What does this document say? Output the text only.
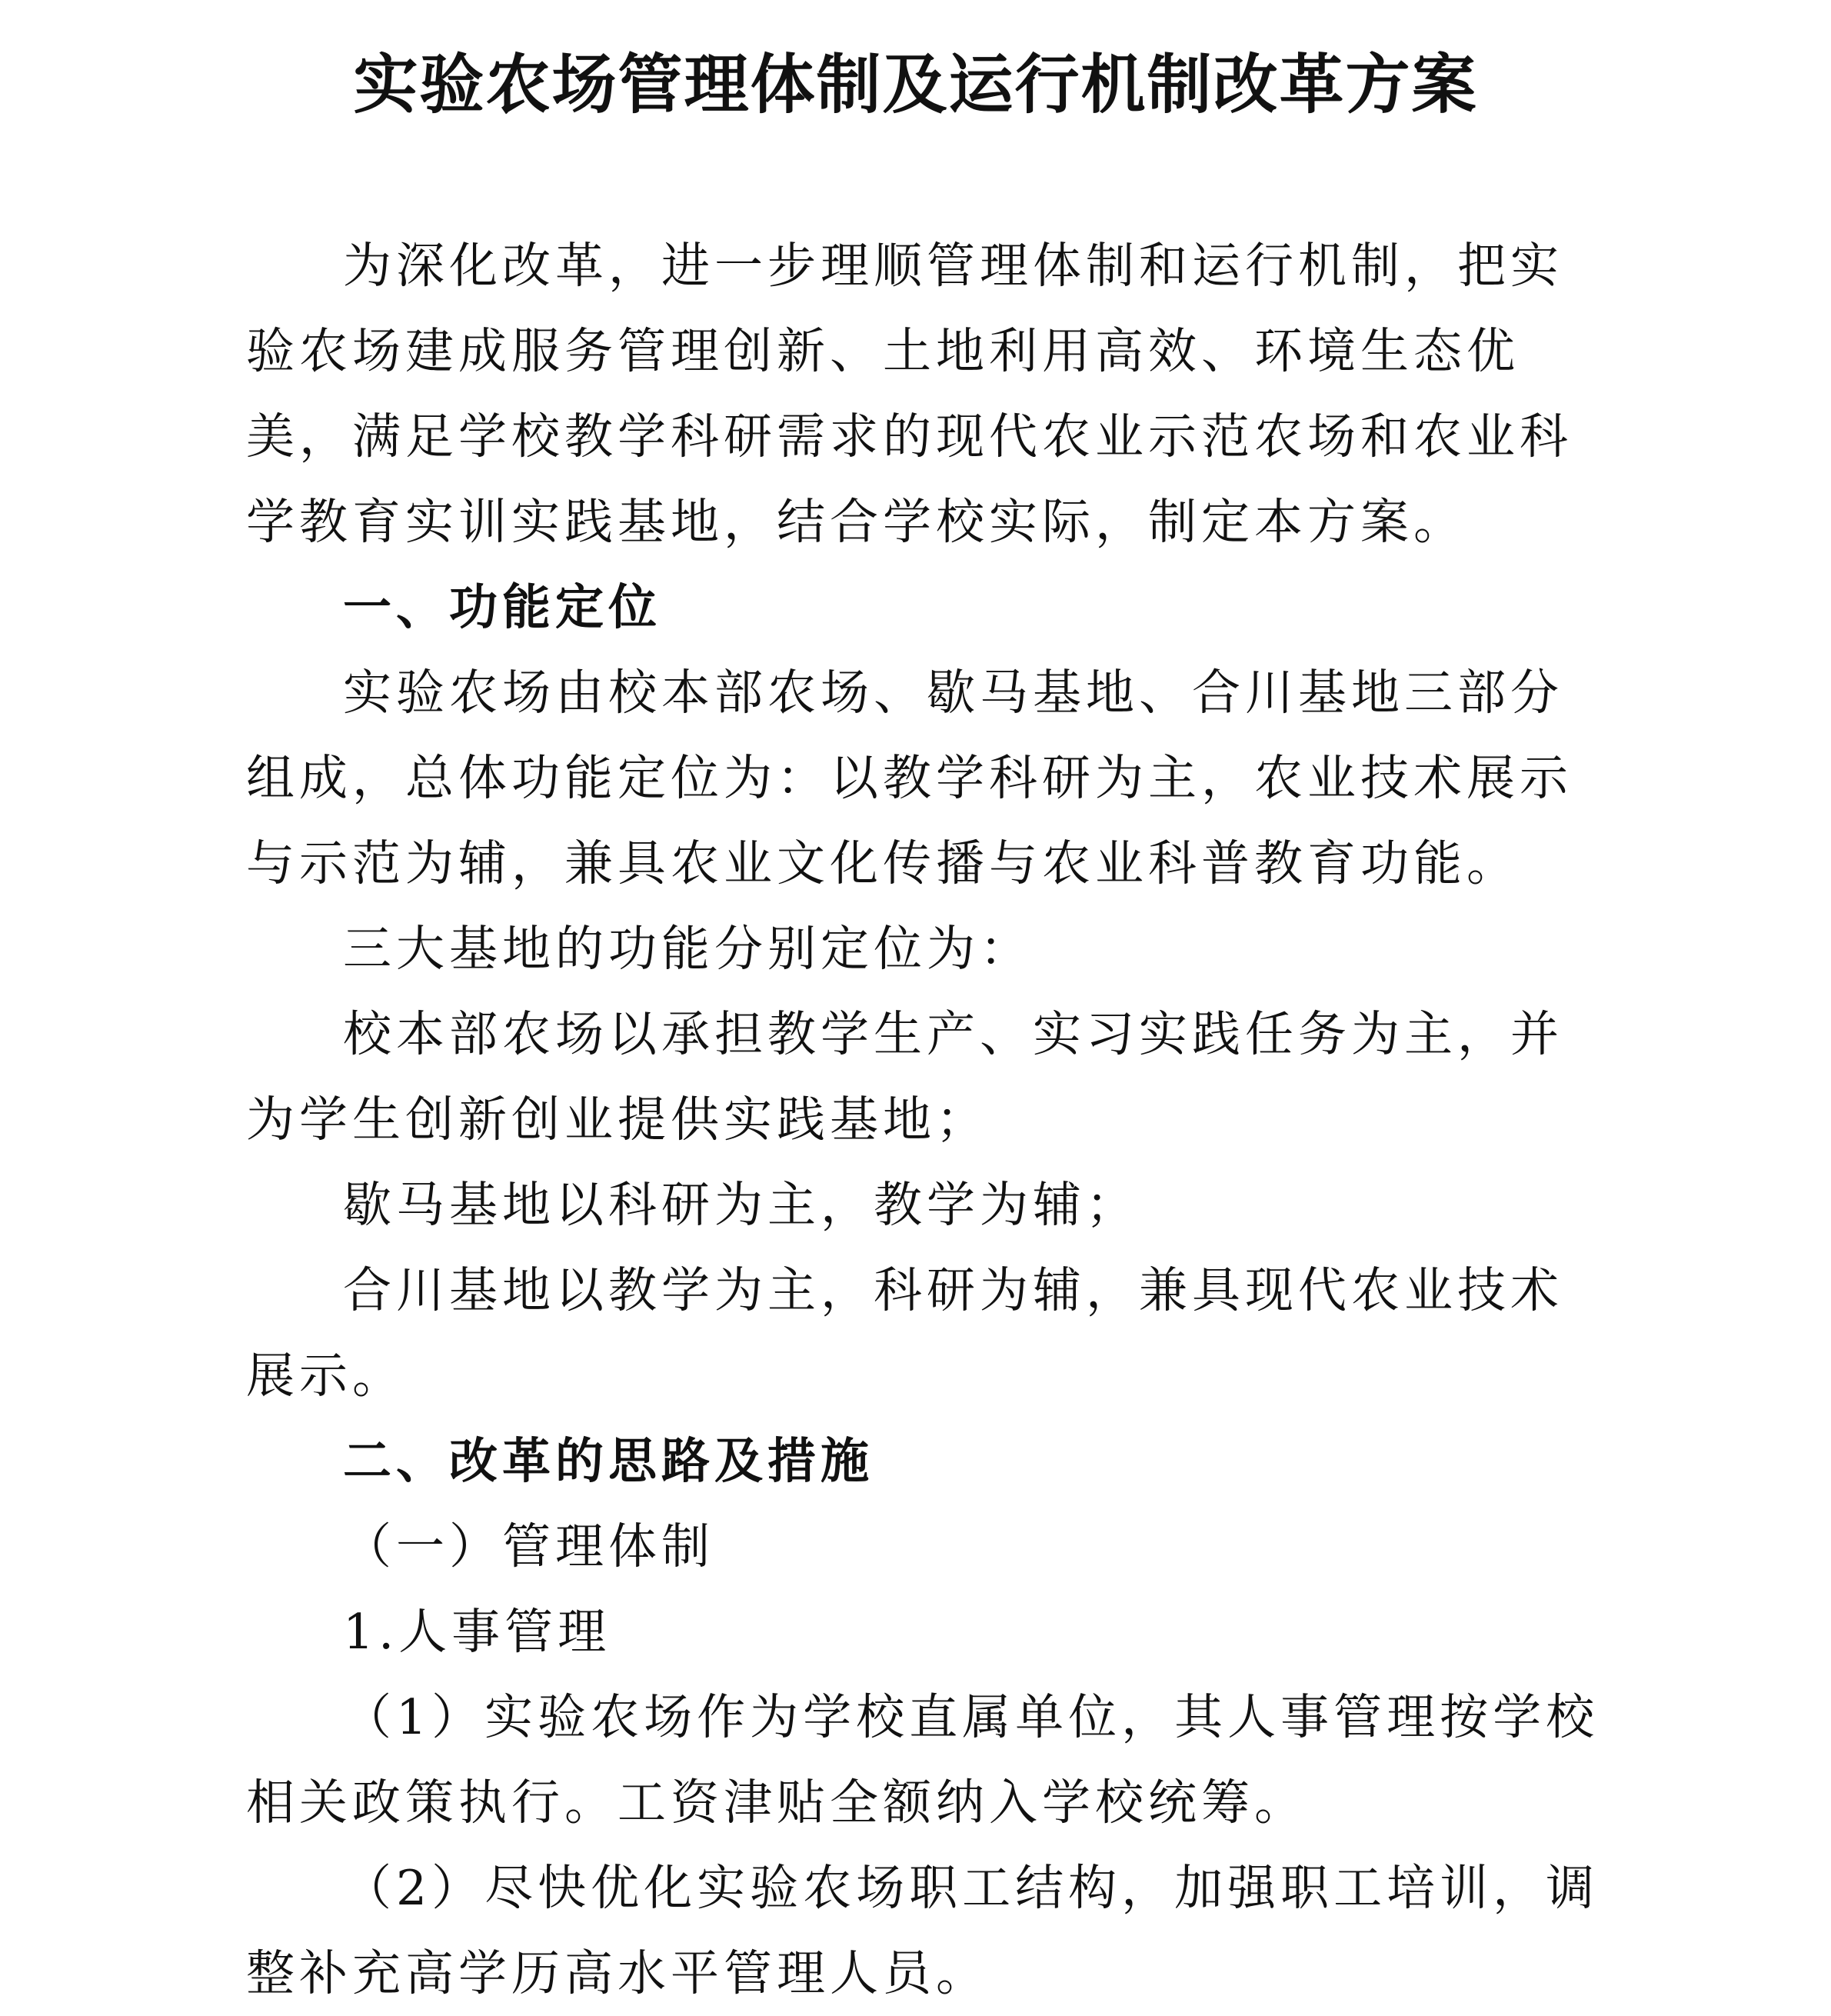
实验农场管理体制及运行机制改革方案

为深化改革，进一步理顺管理体制和运行机制，把实验农场建成服务管理创新、土地利用高效、环境生态优美，满足学校教学科研需求的现代农业示范农场和农业科学教育实训实践基地，结合学校实际，制定本方案。

一、功能定位

实验农场由校本部农场、歇马基地、合川基地三部分组成，总体功能定位为：以教学科研为主，农业技术展示与示范为辅，兼具农业文化传播与农业科普教育功能。

三大基地的功能分别定位为：

校本部农场以承担教学生产、实习实践任务为主，并为学生创新创业提供实践基地；

歇马基地以科研为主，教学为辅；

合川基地以教学为主，科研为辅，兼具现代农业技术展示。

二、改革的思路及措施

（一）管理体制

1.人事管理

（1）实验农场作为学校直属单位，其人事管理按学校相关政策执行。工资津贴全额纳入学校统筹。

（2）尽快优化实验农场职工结构，加强职工培训，调整补充高学历高水平管理人员。
